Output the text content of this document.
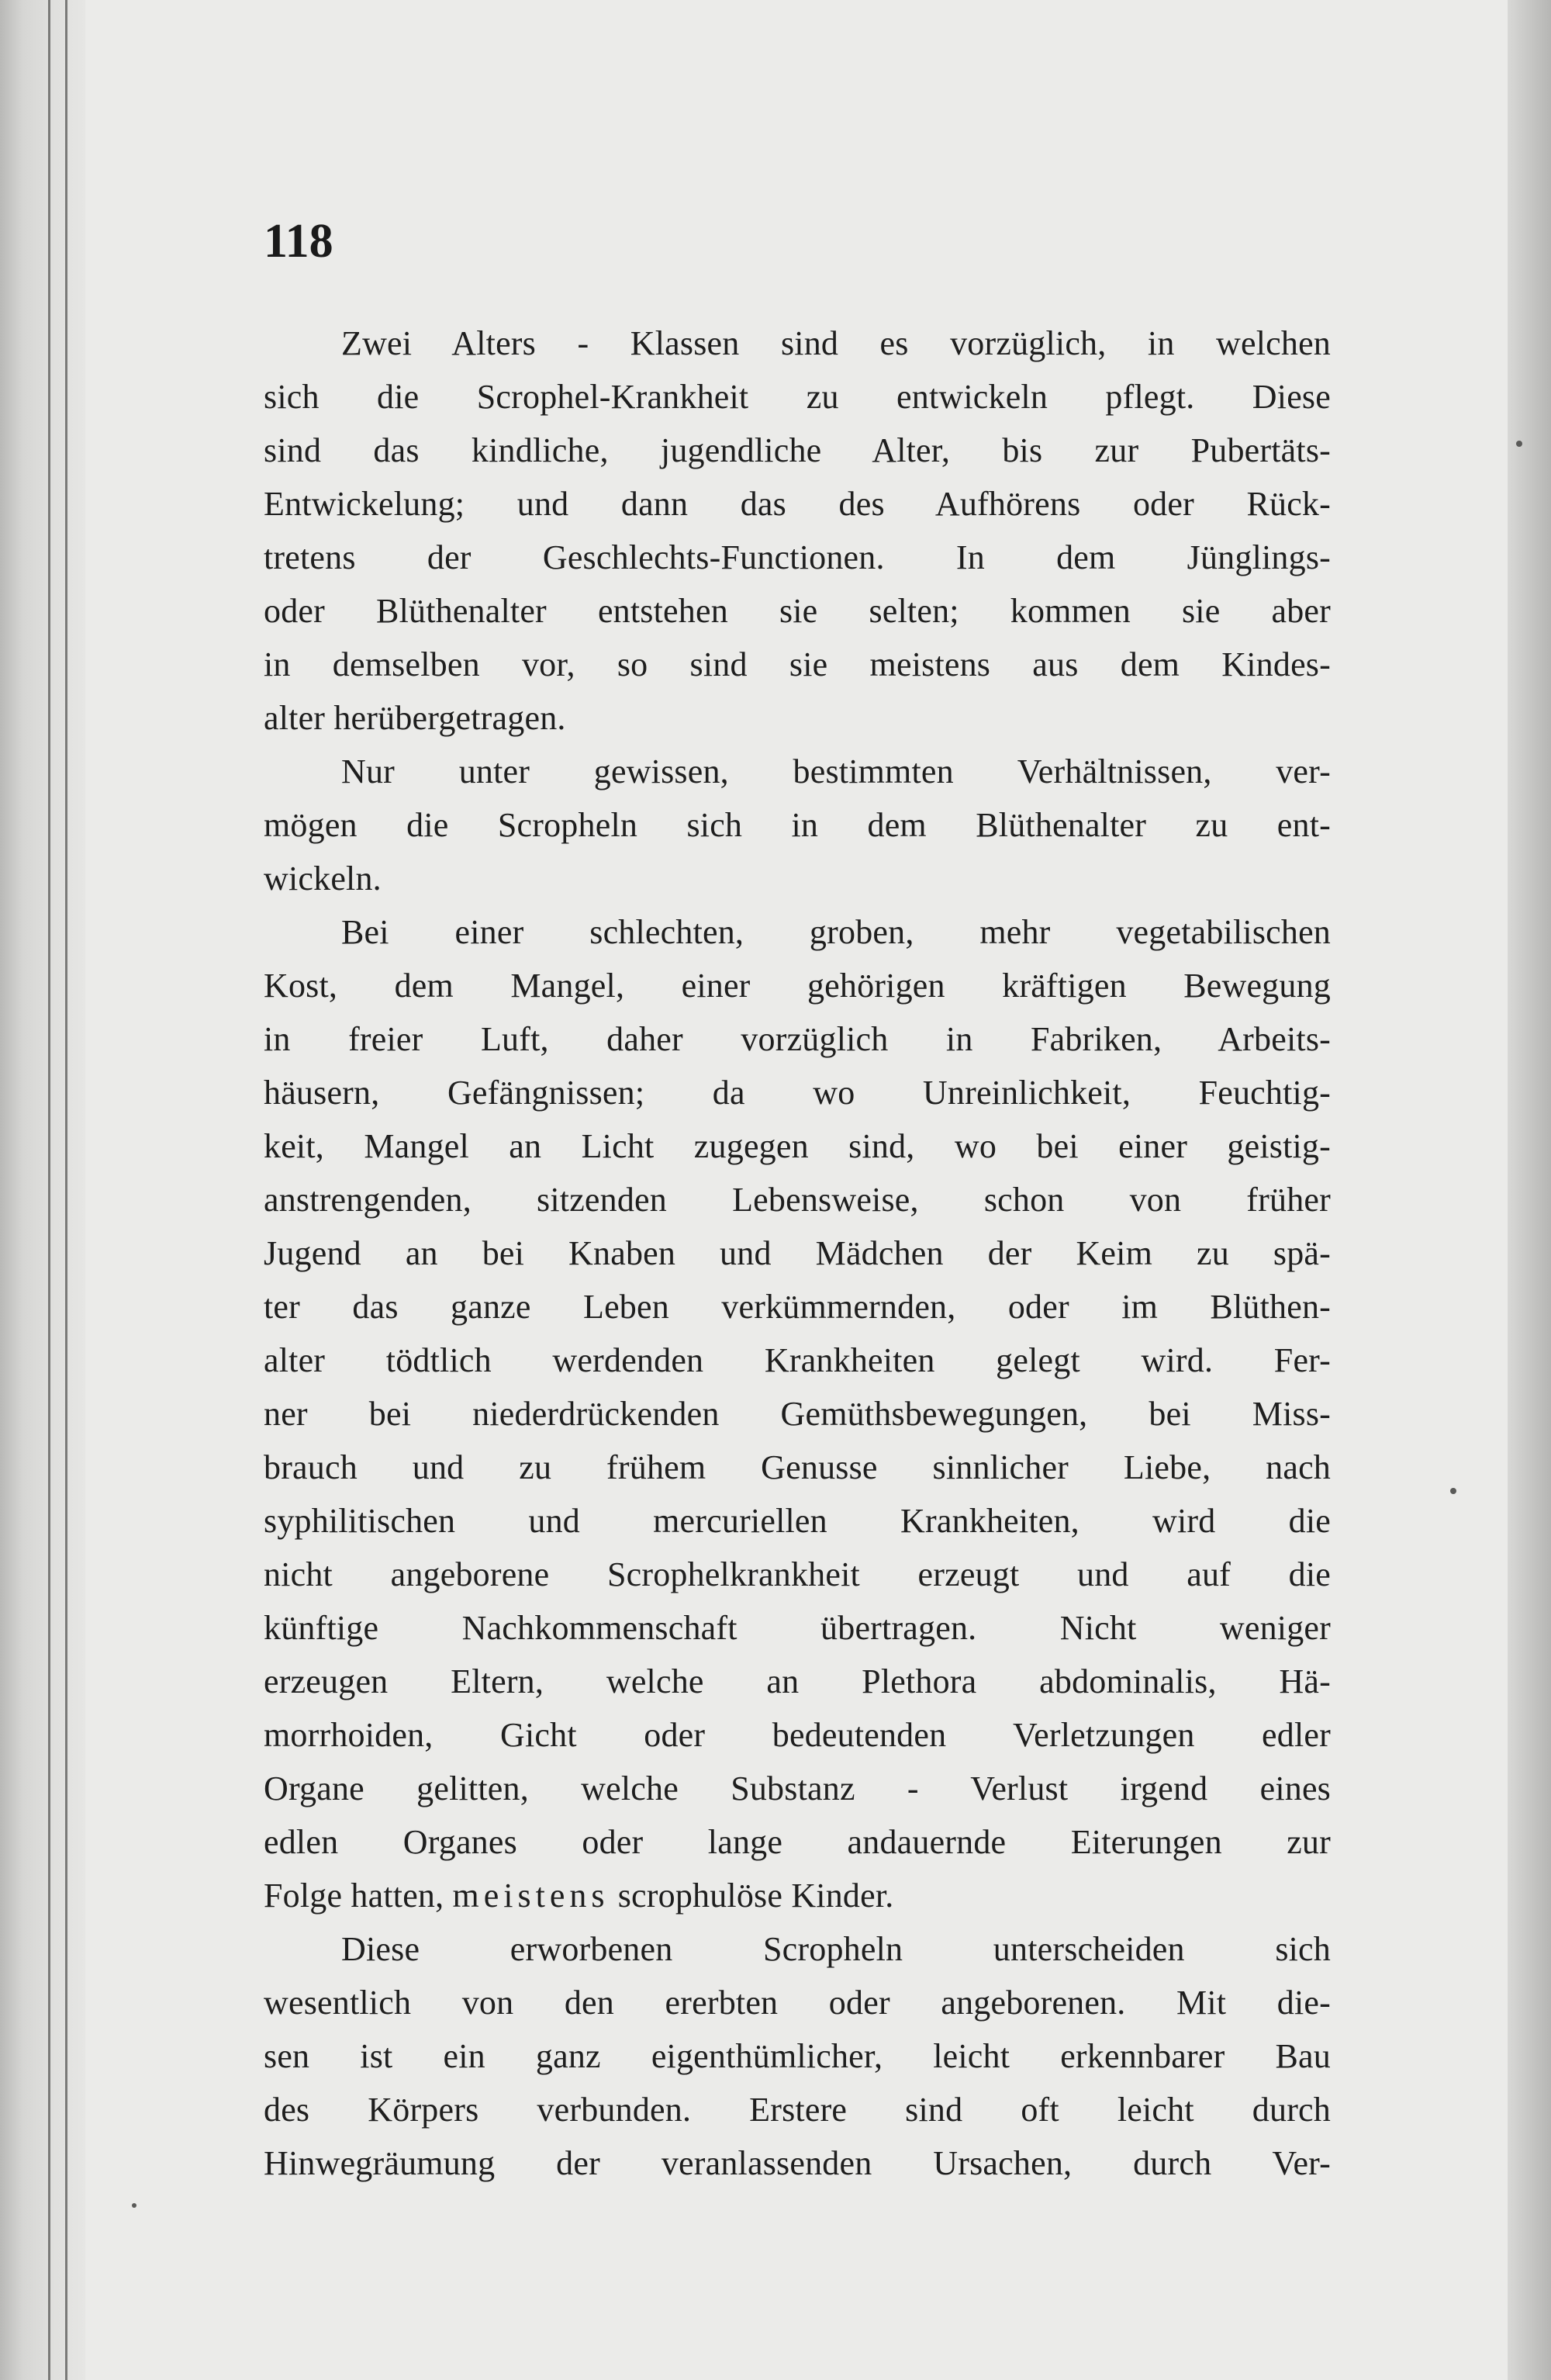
118
Zwei Alters - Klassen sind es vorzüglich, in welchen
sich die Scrophel-Krankheit zu entwickeln pflegt. Diese
sind das kindliche, jugendliche Alter, bis zur Pubertäts-
Entwickelung; und dann das des Aufhörens oder Rück-
tretens der Geschlechts-Functionen. In dem Jünglings-
oder Blüthenalter entstehen sie selten; kommen sie aber
in demselben vor, so sind sie meistens aus dem Kindes-
alter herübergetragen.
Nur unter gewissen, bestimmten Verhältnissen, ver-
mögen die Scropheln sich in dem Blüthenalter zu ent-
wickeln.
Bei einer schlechten, groben, mehr vegetabilischen
Kost, dem Mangel, einer gehörigen kräftigen Bewegung
in freier Luft, daher vorzüglich in Fabriken, Arbeits-
häusern, Gefängnissen; da wo Unreinlichkeit, Feuchtig-
keit, Mangel an Licht zugegen sind, wo bei einer geistig-
anstrengenden, sitzenden Lebensweise, schon von früher
Jugend an bei Knaben und Mädchen der Keim zu spä-
ter das ganze Leben verkümmernden, oder im Blüthen-
alter tödtlich werdenden Krankheiten gelegt wird. Fer-
ner bei niederdrückenden Gemüthsbewegungen, bei Miss-
brauch und zu frühem Genusse sinnlicher Liebe, nach
syphilitischen und mercuriellen Krankheiten, wird die
nicht angeborene Scrophelkrankheit erzeugt und auf die
künftige Nachkommenschaft übertragen. Nicht weniger
erzeugen Eltern, welche an Plethora abdominalis, Hä-
morrhoiden, Gicht oder bedeutenden Verletzungen edler
Organe gelitten, welche Substanz - Verlust irgend eines
edlen Organes oder lange andauernde Eiterungen zur
Folge hatten, meistens scrophulöse Kinder.
Diese erworbenen Scropheln unterscheiden sich
wesentlich von den ererbten oder angeborenen. Mit die-
sen ist ein ganz eigenthümlicher, leicht erkennbarer Bau
des Körpers verbunden. Erstere sind oft leicht durch
Hinwegräumung der veranlassenden Ursachen, durch Ver-
